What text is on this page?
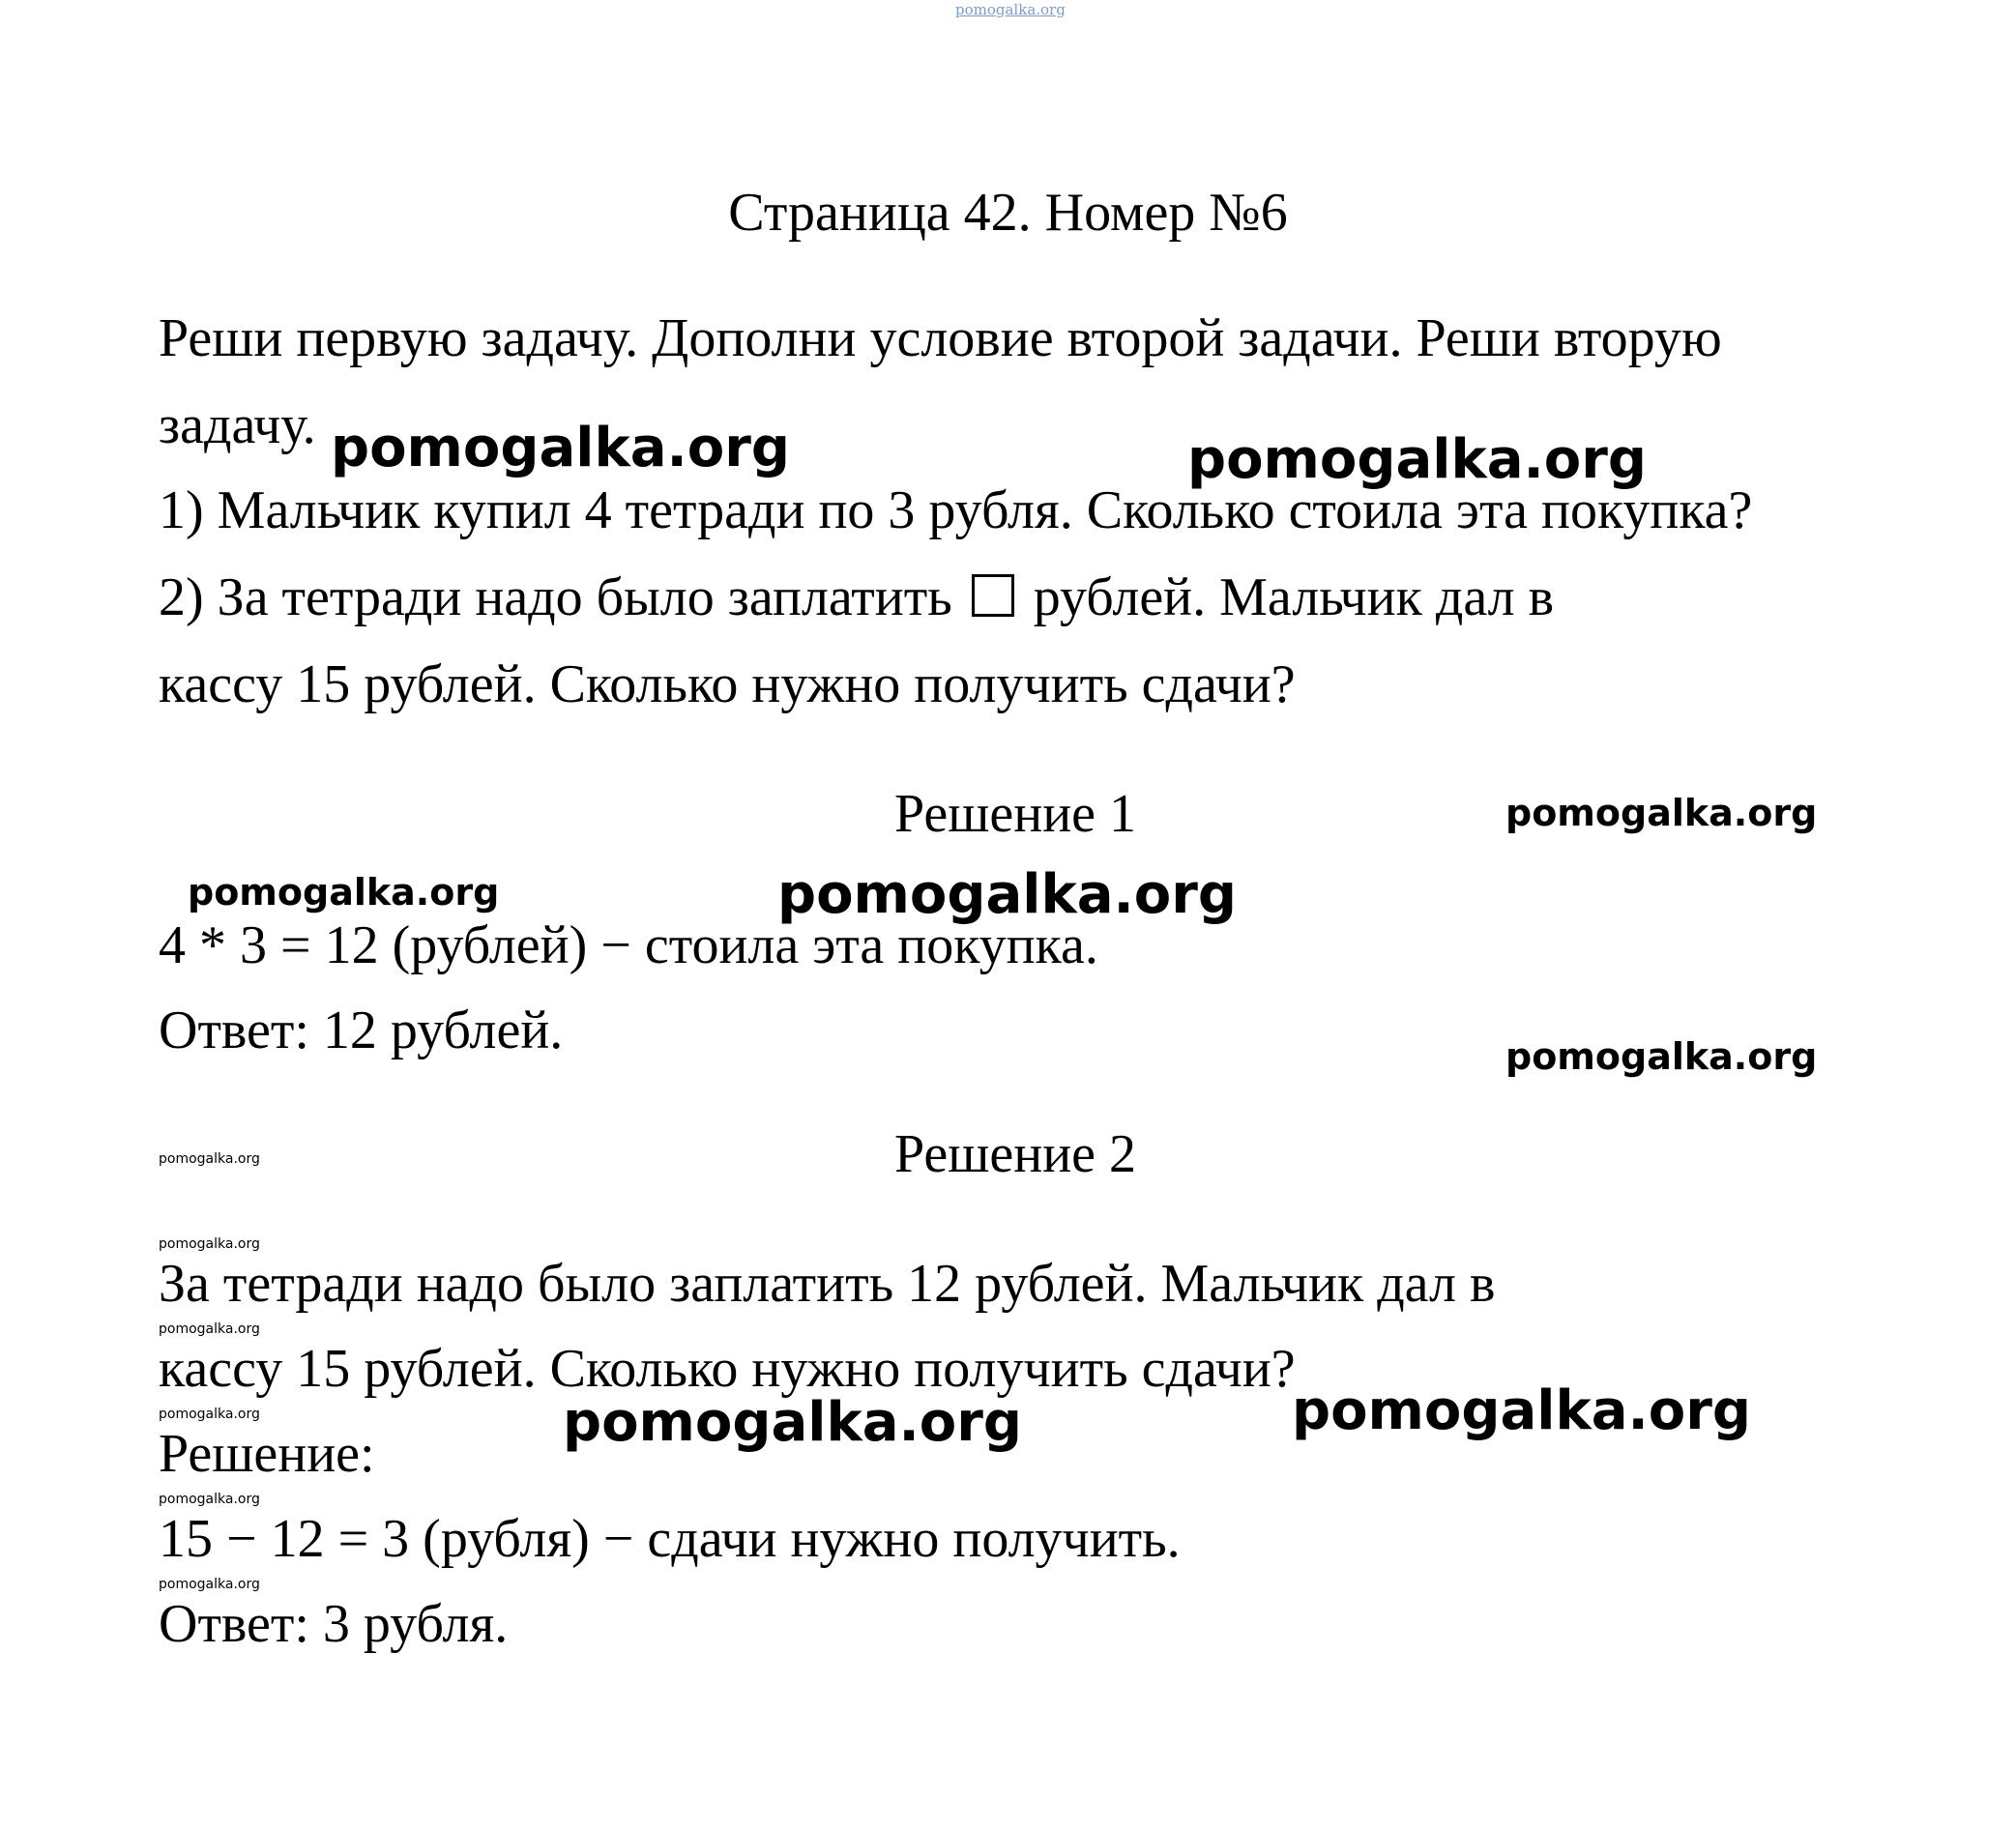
pomogalka.org
Страница 42. Номер №6
Реши первую задачу. Дополни условие второй задачи. Реши вторую
задачу.
1) Мальчик купил 4 тетради по 3 рубля. Сколько стоила эта покупка?
2) За тетради надо было заплатить рублей. Мальчик дал в
кассу 15 рублей. Сколько нужно получить сдачи?
Решение 1
4 * 3 = 12 (рублей) − стоила эта покупка.
Ответ: 12 рублей.
Решение 2
За тетради надо было заплатить 12 рублей. Мальчик дал в
кассу 15 рублей. Сколько нужно получить сдачи?
Решение:
15 − 12 = 3 (рубля) − сдачи нужно получить.
Ответ: 3 рубля.
pomogalka.org	pomogalka.org
pomogalka.org
pomogalka.org	pomogalka.org
pomogalka.org
pomogalka.org
pomogalka.org
pomogalka.org
pomogalka.org	pomogalka.org	pomogalka.org
pomogalka.org
pomogalka.org
